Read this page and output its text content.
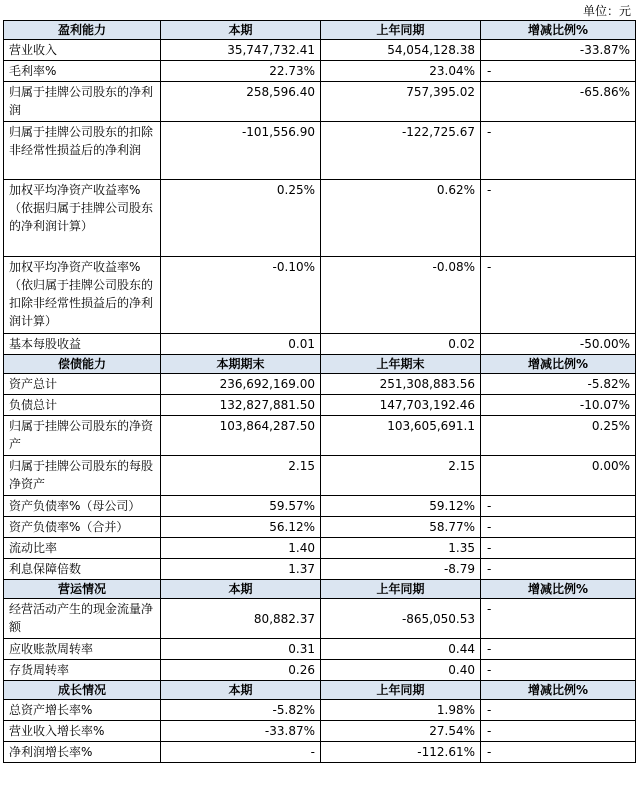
单位：元
盈利能力	本期	上年同期	增减比例%
营业收入	35,747,732.41	54,054,128.38	-33.87%
毛利率%	22.73%	23.04%	-
归属于挂牌公司股东的净利润	258,596.40	757,395.02	-65.86%
归属于挂牌公司股东的扣除非经常性损益后的净利润	-101,556.90	-122,725.67	-
加权平均净资产收益率%（依据归属于挂牌公司股东的净利润计算）	0.25%	0.62%	-
加权平均净资产收益率%（依归属于挂牌公司股东的扣除非经常性损益后的净利润计算）	-0.10%	-0.08%	-
基本每股收益	0.01	0.02	-50.00%
偿债能力	本期期末	上年期末	增减比例%
资产总计	236,692,169.00	251,308,883.56	-5.82%
负债总计	132,827,881.50	147,703,192.46	-10.07%
归属于挂牌公司股东的净资产	103,864,287.50	103,605,691.1	0.25%
归属于挂牌公司股东的每股净资产	2.15	2.15	0.00%
资产负债率%（母公司）	59.57%	59.12%	-
资产负债率%（合并）	56.12%	58.77%	-
流动比率	1.40	1.35	-
利息保障倍数	1.37	-8.79	-
营运情况	本期	上年同期	增减比例%
经营活动产生的现金流量净额	80,882.37	-865,050.53	-
应收账款周转率	0.31	0.44	-
存货周转率	0.26	0.40	-
成长情况	本期	上年同期	增减比例%
总资产增长率%	-5.82%	1.98%	-
营业收入增长率%	-33.87%	27.54%	-
净利润增长率%	-	-112.61%	-
